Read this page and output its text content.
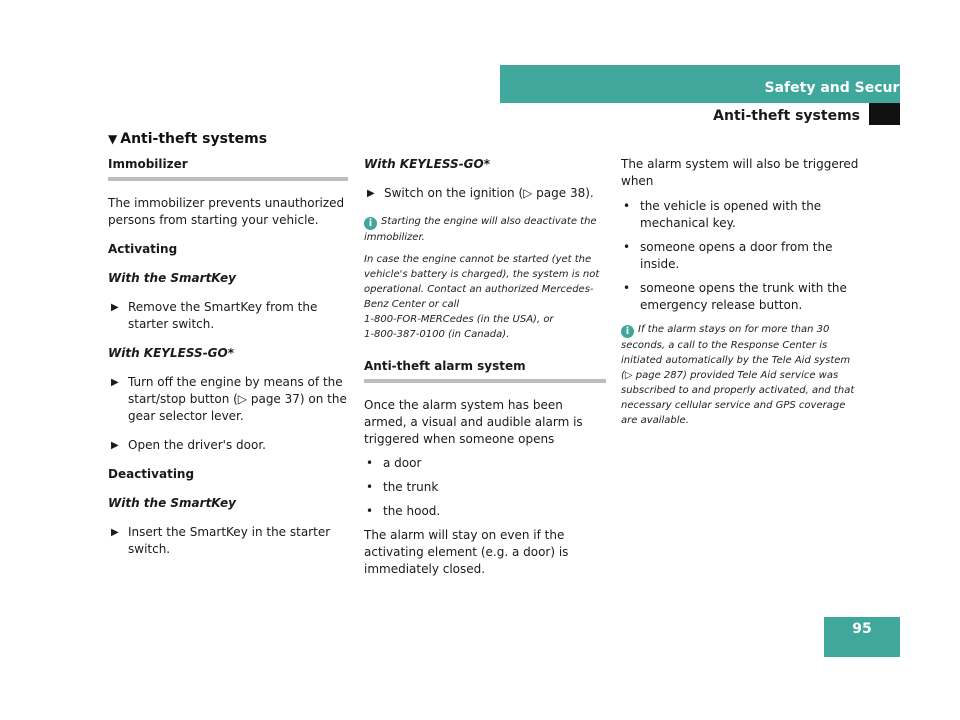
Safety and Security
Anti-theft systems
▼ Anti-theft systems
Immobilizer
The immobilizer prevents unauthorized persons from starting your vehicle.
Activating
With the SmartKey
▶ Remove the SmartKey from the starter switch.
With KEYLESS-GO*
▶ Turn off the engine by means of the start/stop button (▷ page 37) on the gear selector lever.
▶ Open the driver's door.
Deactivating
With the SmartKey
▶ Insert the SmartKey in the starter switch.
With KEYLESS-GO*
▶ Switch on the ignition (▷ page 38).
i Starting the engine will also deactivate the immobilizer.
In case the engine cannot be started (yet the vehicle's battery is charged), the system is not operational. Contact an authorized Mercedes-Benz Center or call
1-800-FOR-MERCedes (in the USA), or
1-800-387-0100 (in Canada).
Anti-theft alarm system
Once the alarm system has been armed, a visual and audible alarm is triggered when someone opens
• a door
• the trunk
• the hood.
The alarm will stay on even if the activating element (e.g. a door) is immediately closed.
The alarm system will also be triggered when
• the vehicle is opened with the mechanical key.
• someone opens a door from the inside.
• someone opens the trunk with the emergency release button.
i If the alarm stays on for more than 30 seconds, a call to the Response Center is initiated automatically by the Tele Aid system (▷ page 287) provided Tele Aid service was subscribed to and properly activated, and that necessary cellular service and GPS coverage are available.
95
